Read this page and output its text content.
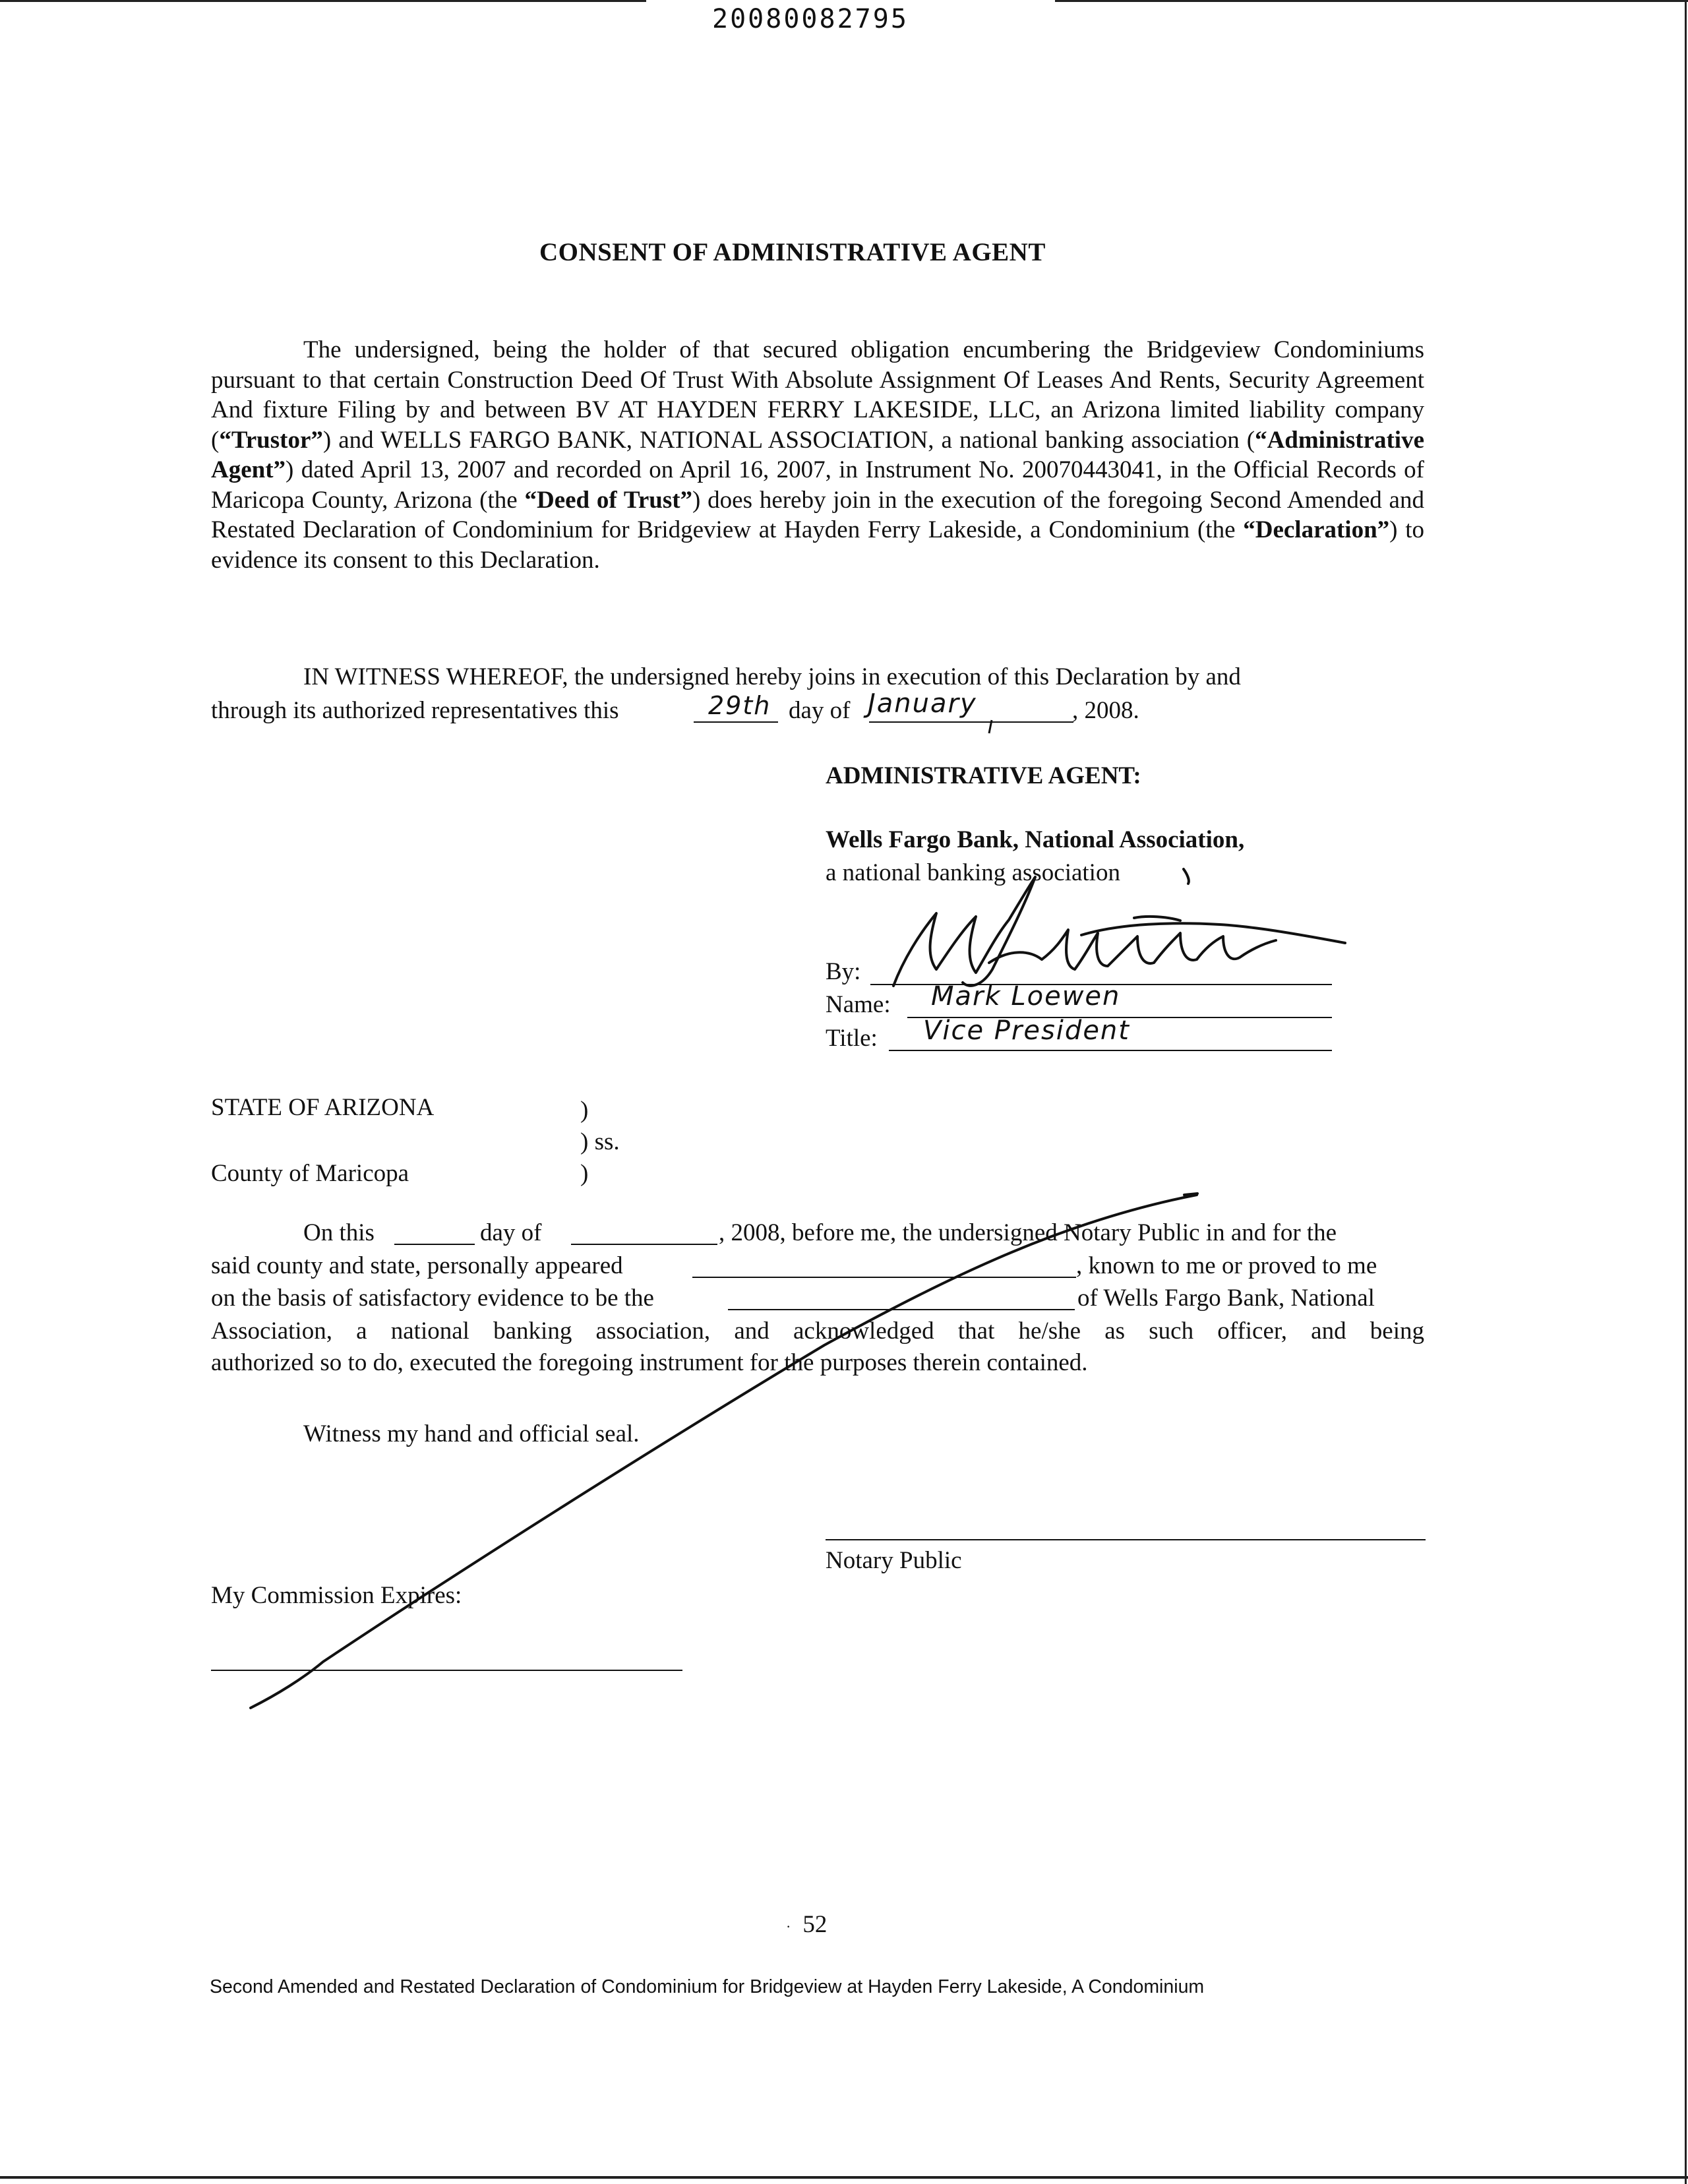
20080082795
CONSENT OF ADMINISTRATIVE AGENT
The undersigned, being the holder of that secured obligation encumbering the Bridgeview Condominiums pursuant to that certain Construction Deed Of Trust With Absolute Assignment Of Leases And Rents, Security Agreement And fixture Filing by and between BV AT HAYDEN FERRY LAKESIDE, LLC, an Arizona limited liability company (“Trustor”) and WELLS FARGO BANK, NATIONAL ASSOCIATION, a national banking association (“Administrative Agent”) dated April 13, 2007 and recorded on April 16, 2007, in Instrument No. 20070443041, in the Official Records of Maricopa County, Arizona (the “Deed of Trust”) does hereby join in the execution of the foregoing Second Amended and Restated Declaration of Condominium for Bridgeview at Hayden Ferry Lakeside, a Condominium (the “Declaration”) to evidence its consent to this Declaration.
IN WITNESS WHEREOF, the undersigned hereby joins in execution of this Declaration by and
through its authorized representatives this	29th day of January	, 2008.
ADMINISTRATIVE AGENT:
Wells Fargo Bank, National Association,
a national banking association
By:
Name: Mark Loewen
Title: Vice President
STATE OF ARIZONA	)
) ss.
County of Maricopa	)
On this	day of	, 2008, before me, the undersigned Notary Public in and for the
said county and state, personally appeared	, known to me or proved to me
on the basis of satisfactory evidence to be the	of Wells Fargo Bank, National
Association, a national banking association, and acknowledged that he/she as such officer, and being
authorized so to do, executed the foregoing instrument for the purposes therein contained.
Witness my hand and official seal.
Notary Public
My Commission Expires:
· 52
Second Amended and Restated Declaration of Condominium for Bridgeview at Hayden Ferry Lakeside, A Condominium
